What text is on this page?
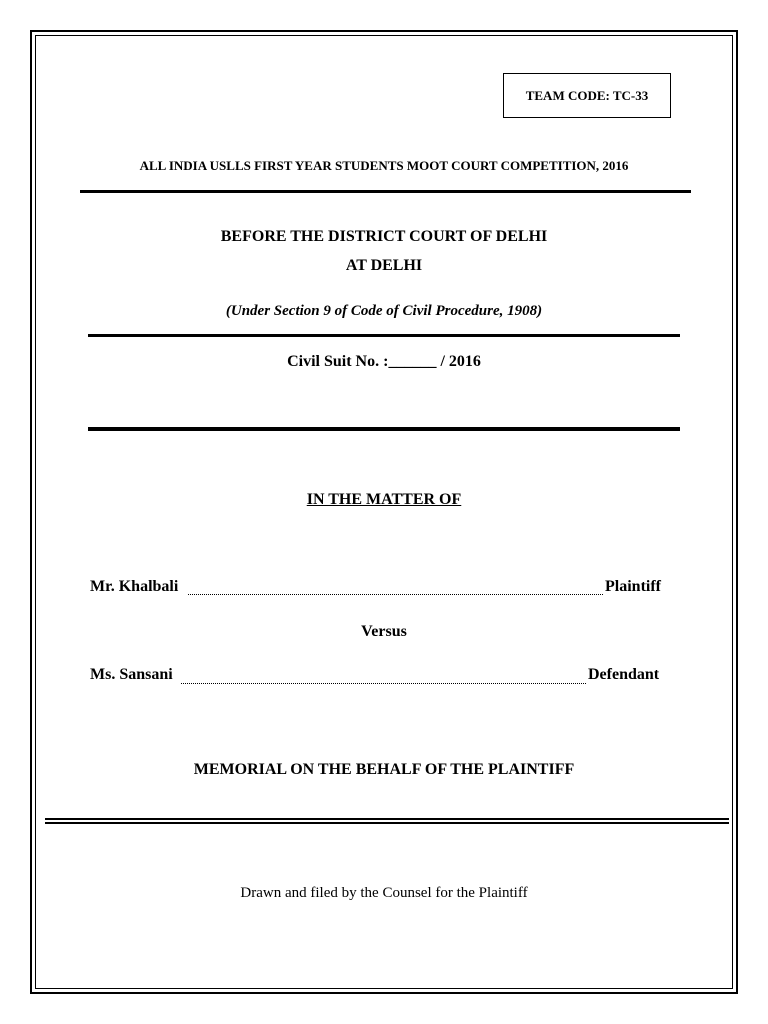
TEAM CODE: TC-33
ALL INDIA USLLS FIRST YEAR STUDENTS MOOT COURT COMPETITION, 2016
BEFORE THE DISTRICT COURT OF DELHI
AT DELHI
(Under Section 9 of Code of Civil Procedure, 1908)
Civil Suit No. :______ / 2016
IN THE MATTER OF
Mr. Khalbali	Plaintiff
Versus
Ms. Sansani	Defendant
MEMORIAL ON THE BEHALF OF THE PLAINTIFF
Drawn and filed by the Counsel for the Plaintiff
